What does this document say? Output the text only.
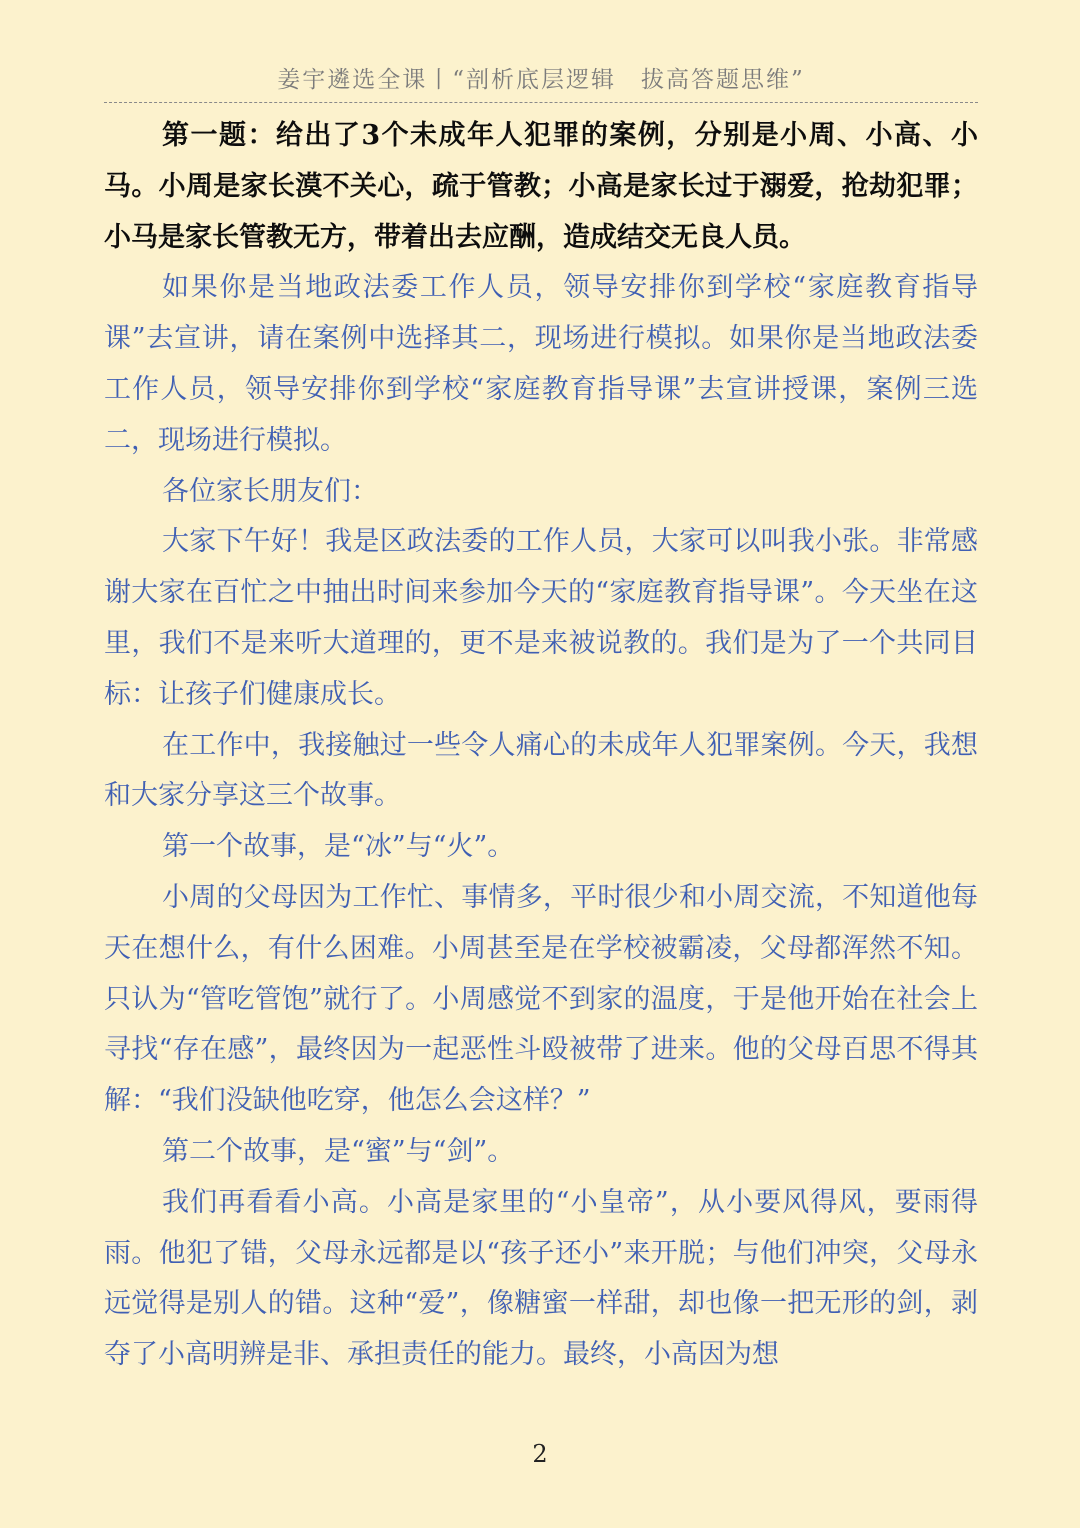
姜宇遴选全课丨“剖析底层逻辑　拔高答题思维”

第一题：给出了3个未成年人犯罪的案例，分别是小周、小高、小马。小周是家长漠不关心，疏于管教；小高是家长过于溺爱，抢劫犯罪；小马是家长管教无方，带着出去应酬，造成结交无良人员。

如果你是当地政法委工作人员，领导安排你到学校“家庭教育指导课”去宣讲，请在案例中选择其二，现场进行模拟。如果你是当地政法委工作人员，领导安排你到学校“家庭教育指导课”去宣讲授课，案例三选二，现场进行模拟。

各位家长朋友们：

大家下午好！我是区政法委的工作人员，大家可以叫我小张。非常感谢大家在百忙之中抽出时间来参加今天的“家庭教育指导课”。今天坐在这里，我们不是来听大道理的，更不是来被说教的。我们是为了一个共同目标：让孩子们健康成长。

在工作中，我接触过一些令人痛心的未成年人犯罪案例。今天，我想和大家分享这三个故事。

第一个故事，是“冰”与“火”。

小周的父母因为工作忙、事情多，平时很少和小周交流，不知道他每天在想什么，有什么困难。小周甚至是在学校被霸凌，父母都浑然不知。只认为“管吃管饱”就行了。小周感觉不到家的温度，于是他开始在社会上寻找“存在感”，最终因为一起恶性斗殴被带了进来。他的父母百思不得其解：“我们没缺他吃穿，他怎么会这样？”

第二个故事，是“蜜”与“剑”。

我们再看看小高。小高是家里的“小皇帝”，从小要风得风，要雨得雨。他犯了错，父母永远都是以“孩子还小”来开脱；与他们冲突，父母永远觉得是别人的错。这种“爱”，像糖蜜一样甜，却也像一把无形的剑，剥夺了小高明辨是非、承担责任的能力。最终，小高因为想

2
